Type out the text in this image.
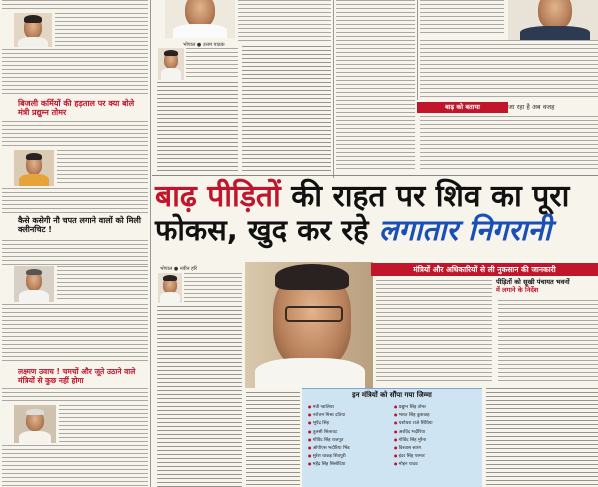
बिजली कर्मियों की हड़ताल पर क्या बोले मंत्री प्रद्युम्न तोमर
कैसे कसेगी नौ चपत लगाने वालों को मिली क्लीनचिट !
लक्ष्मण उवाच ! चमचों और जूते उठाने वाले मंत्रियों से कुछ नहीं होगा
भोपाल ● उत्तम पाठक
बाढ़ को बताया	जा रहा है अब वजह
बाढ़ पीड़ितों की राहत पर शिव का पूरा
फोकस, खुद कर रहे लगातार निगरानी
भोपाल ● नवीन हरि	मंत्रियों और अधिकारियों से ली नुकसान की जानकारी
पीड़ितों को सूखी पंचायत भवनों
में लगाने के निर्देश
इन मंत्रियों को सौंपा गया जिम्मा
● मंत्री ग्वालियर
● नरोत्तम मिश्रा दतिया
● भूपेंद्र सिंह
● तुलसी सिलावट
● गोविंद सिंह राजपूत
● ओपीएस भदौरिया भिंड
● सुरेश धाकड़ शिवपुरी
● महेंद्र सिंह सिसोदिया
● प्रद्युम्न सिंह तोमर
● भारत सिंह कुशवाह
● यशोधरा राजे सिंधिया
● अरविंद भदौरिया
● गोविंद सिंह मुरैना
● विश्वास सारंग
● इंदर सिंह परमार
● मोहन यादव
